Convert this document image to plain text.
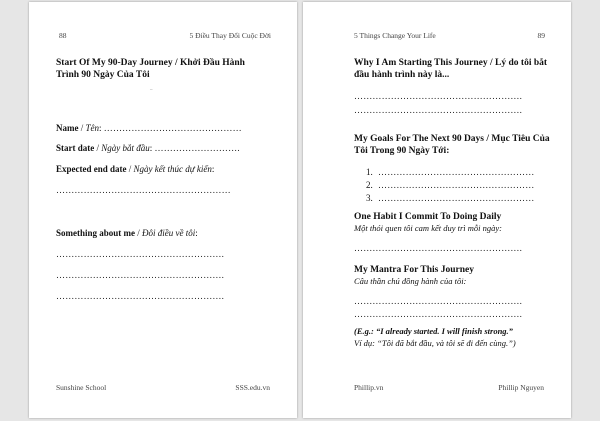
88	5 Điều Thay Đổi Cuộc Đời
Start Of My 90-Day Journey / Khởi Đầu Hành Trình 90 Ngày Của Tôi
–
Name / Tên: ………………………………………
Start date / Ngày bắt đầu: ……………………….
Expected end date / Ngày kết thúc dự kiến:
…………………………………………………
Something about me / Đôi điều về tôi:
……………………………………………….
……………………………………………….
……………………………………………….
Sunshine School	SSS.edu.vn
5 Things Change Your Life	89
Why I Am Starting This Journey / Lý do tôi bắt đầu hành trình này là...
……………………………………………….
……………………………………………….
My Goals For The Next 90 Days / Mục Tiêu Của Tôi Trong 90 Ngày Tới:
1. ……………………………………………
2. ……………………………………………
3. ……………………………………………
One Habit I Commit To Doing Daily
Một thói quen tôi cam kết duy trì mỗi ngày:
……………………………………………….
My Mantra For This Journey
Câu thần chú đồng hành của tôi:
……………………………………………….
……………………………………………….
(E.g.: “I already started. I will finish strong.”
Ví dụ: “Tôi đã bắt đầu, và tôi sẽ đi đến cùng.”)
Phillip.vn	Phillip Nguyen
